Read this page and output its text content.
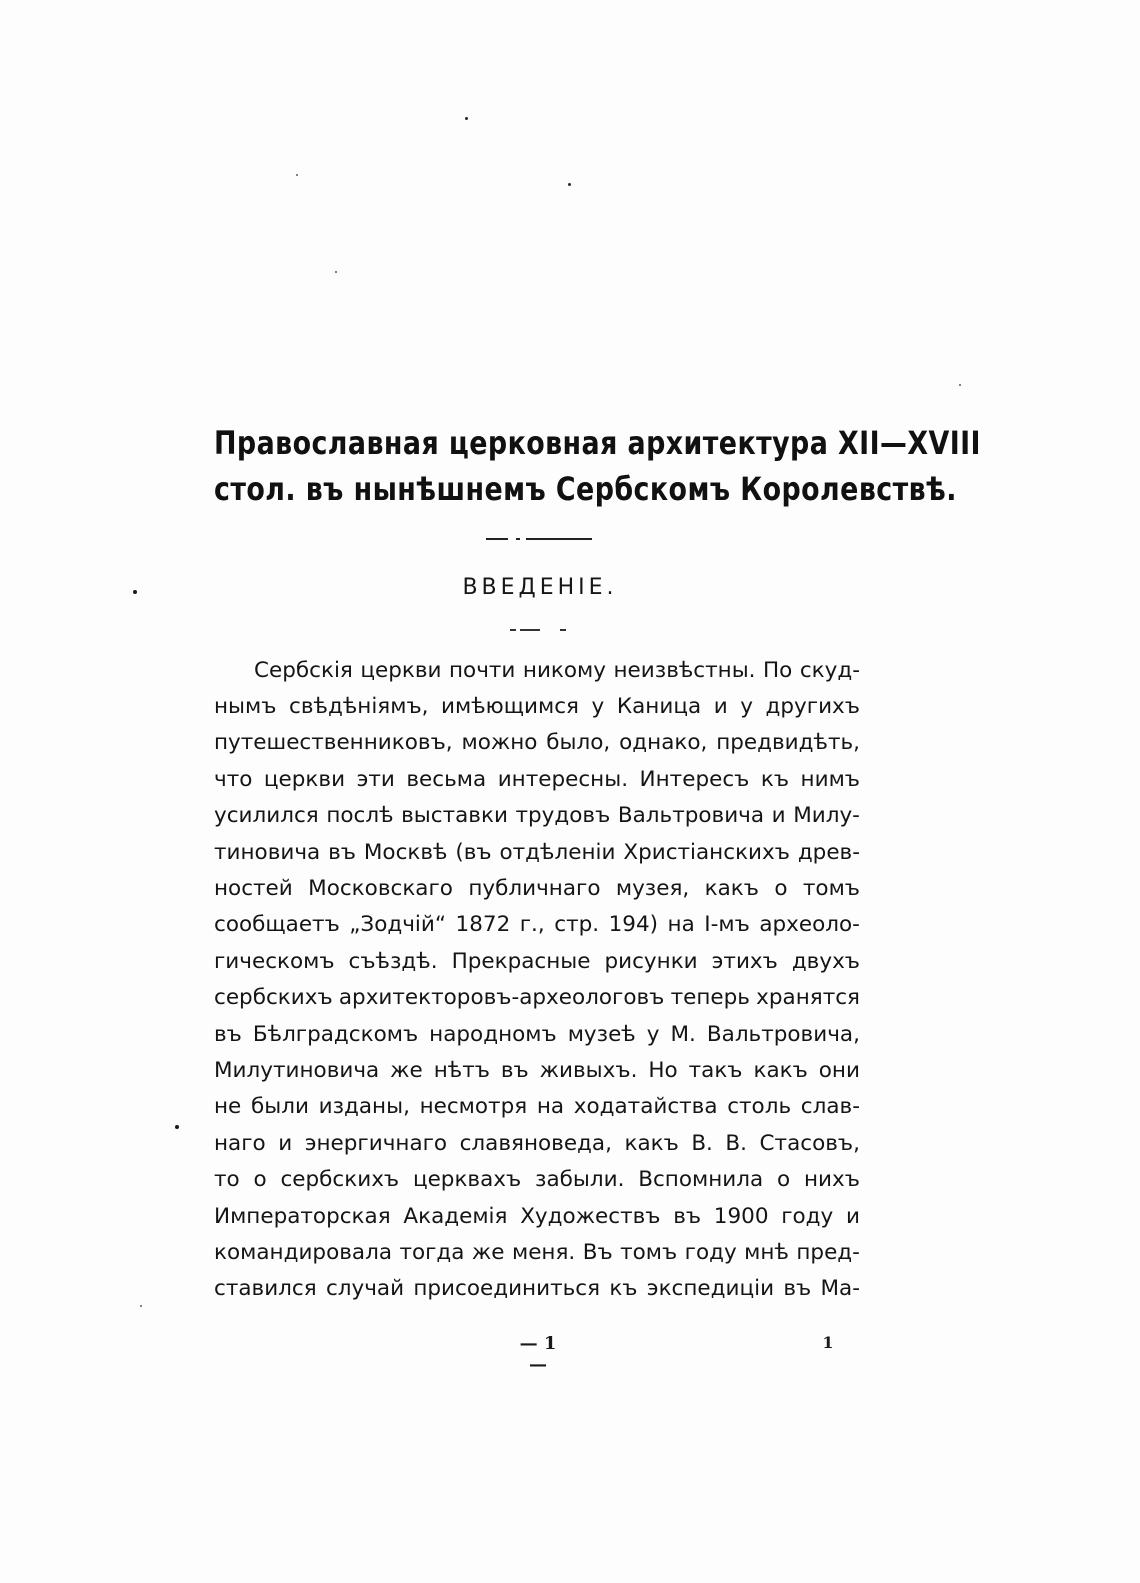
Православная церковная архитектура XII—XVIII
стол. въ нынѣшнемъ Сербскомъ Королевствѣ.
ВВЕДЕНІЕ.
Сербскія церкви почти никому неизвѣстны. По скуд-
нымъ свѣдѣніямъ, имѣющимся у Каница и у другихъ
путешественниковъ, можно было, однако, предвидѣть,
что церкви эти весьма интересны. Интересъ къ нимъ
усилился послѣ выставки трудовъ Вальтровича и Милу-
тиновича въ Москвѣ (въ отдѣленіи Христіанскихъ древ-
ностей Московскаго публичнаго музея, какъ о томъ
сообщаетъ „Зодчій“ 1872 г., стр. 194) на I-мъ археоло-
гическомъ съѣздѣ. Прекрасные рисунки этихъ двухъ
сербскихъ архитекторовъ-археологовъ теперь хранятся
въ Бѣлградскомъ народномъ музеѣ у М. Вальтровича,
Милутиновича же нѣтъ въ живыхъ. Но такъ какъ они
не были изданы, несмотря на ходатайства столь слав-
наго и энергичнаго славяноведа, какъ В. В. Стасовъ,
то о сербскихъ церквахъ забыли. Вспомнила о нихъ
Императорская Академія Художествъ въ 1900 году и
командировала тогда же меня. Въ томъ году мнѣ пред-
ставился случай присоединиться къ экспедиціи въ Ма-
— 1 —
1
